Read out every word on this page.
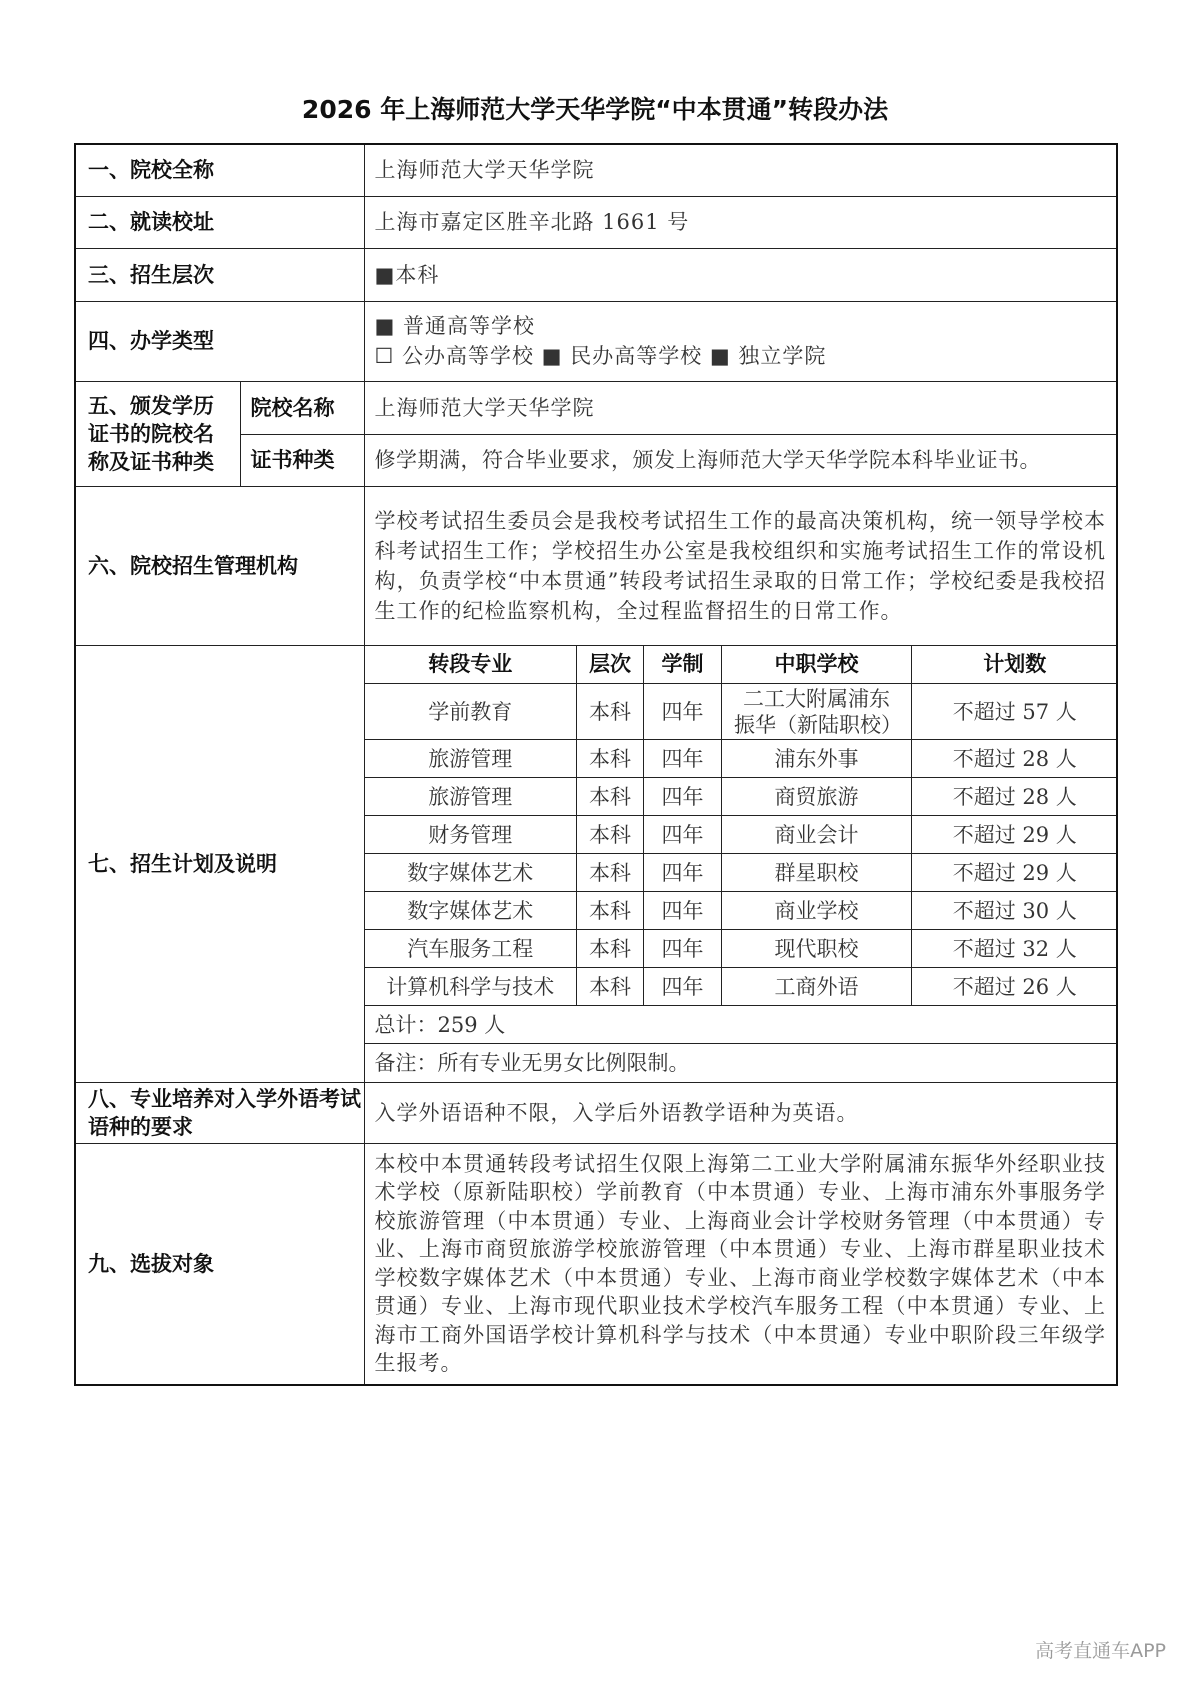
2026 年上海师范大学天华学院“中本贯通”转段办法
一、院校全称	上海师范大学天华学院
二、就读校址	上海市嘉定区胜辛北路 1661 号
三、招生层次	■本科
四、办学类型	
■ 普通高等学校
☐ 公办高等学校 ■ 民办高等学校 ■ 独立学院

五、颁发学历证书的院校名称及证书种类	院校名称	上海师范大学天华学院
证书种类	修学期满，符合毕业要求，颁发上海师范大学天华学院本科毕业证书。
六、院校招生管理机构	学校考试招生委员会是我校考试招生工作的最高决策机构，统一领导学校本科考试招生工作；学校招生办公室是我校组织和实施考试招生工作的常设机构，负责学校“中本贯通”转段考试招生录取的日常工作；学校纪委是我校招生工作的纪检监察机构，全过程监督招生的日常工作。
七、招生计划及说明	
转段专业	层次	学制	中职学校	计划数
学前教育	本科	四年	二工大附属浦东振华（新陆职校）	不超过 57 人
旅游管理	本科	四年	浦东外事	不超过 28 人
旅游管理	本科	四年	商贸旅游	不超过 28 人
财务管理	本科	四年	商业会计	不超过 29 人
数字媒体艺术	本科	四年	群星职校	不超过 29 人
数字媒体艺术	本科	四年	商业学校	不超过 30 人
汽车服务工程	本科	四年	现代职校	不超过 32 人
计算机科学与技术	本科	四年	工商外语	不超过 26 人
总计：259 人
备注：所有专业无男女比例限制。

八、专业培养对入学外语考试语种的要求	入学外语语种不限，入学后外语教学语种为英语。
九、选拔对象	本校中本贯通转段考试招生仅限上海第二工业大学附属浦东振华外经职业技术学校（原新陆职校）学前教育（中本贯通）专业、上海市浦东外事服务学校旅游管理（中本贯通）专业、上海商业会计学校财务管理（中本贯通）专业、上海市商贸旅游学校旅游管理（中本贯通）专业、上海市群星职业技术学校数字媒体艺术（中本贯通）专业、上海市商业学校数字媒体艺术（中本贯通）专业、上海市现代职业技术学校汽车服务工程（中本贯通）专业、上海市工商外国语学校计算机科学与技术（中本贯通）专业中职阶段三年级学生报考。
高考直通车APP
